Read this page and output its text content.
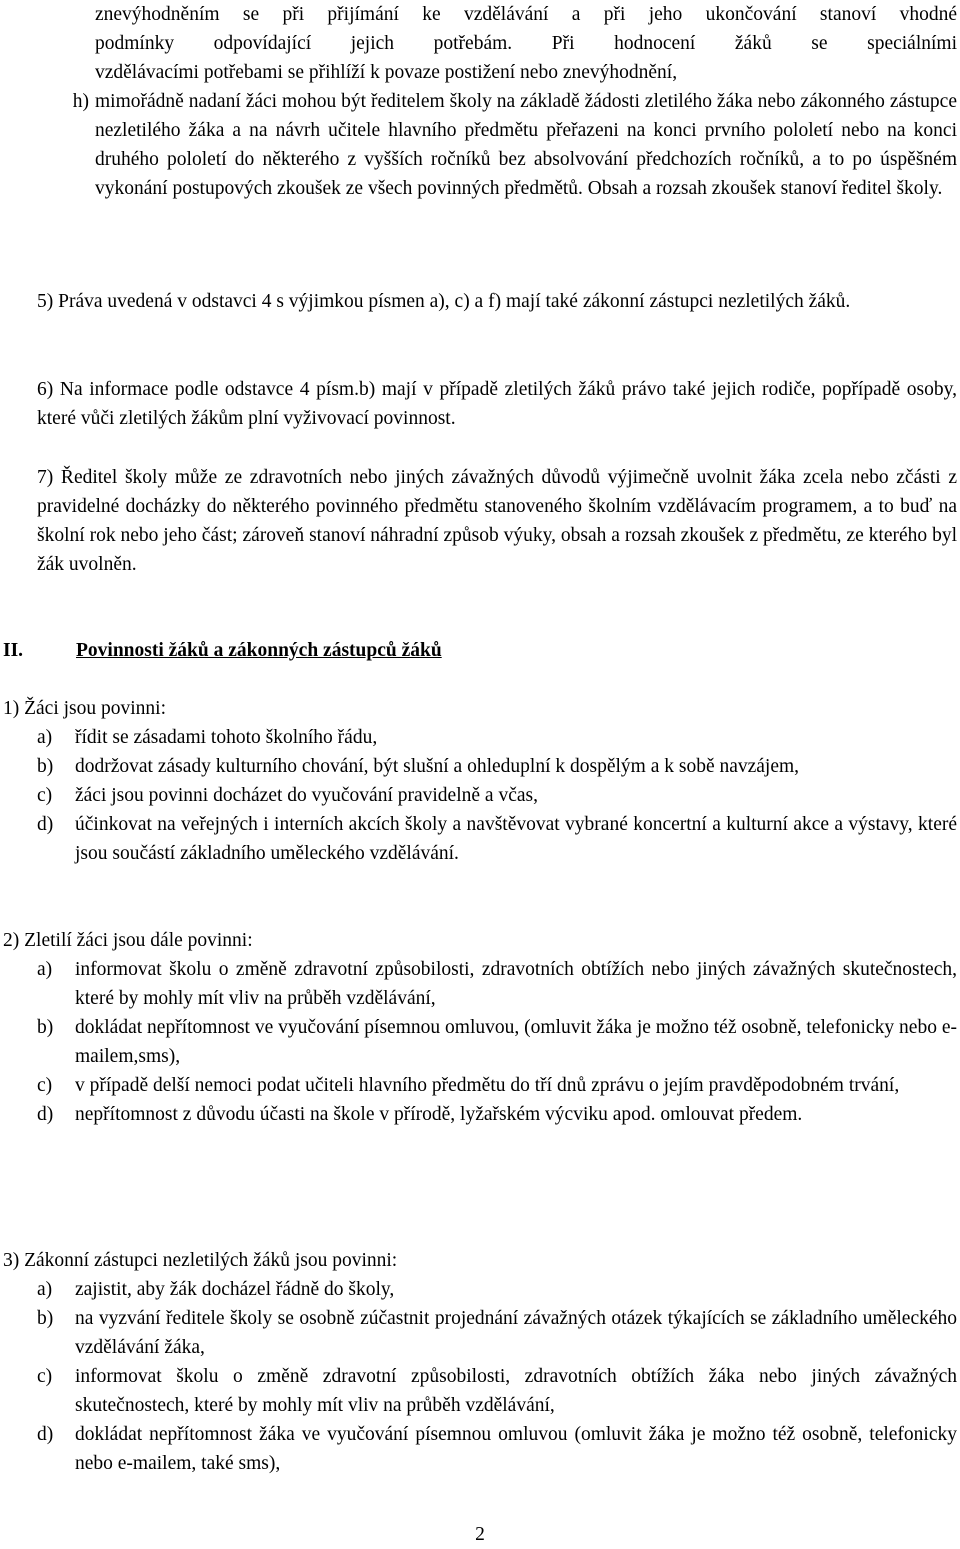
znevýhodněním se při přijímání ke vzdělávání a při jeho ukončování stanoví vhodné

podmínky odpovídající jejich potřebám. Při hodnocení žáků se speciálními

vzdělávacími potřebami se přihlíží k povaze postižení nebo znevýhodnění,

h) mimořádně nadaní žáci mohou být ředitelem školy na základě žádosti zletilého žáka nebo zákonného zástupce nezletilého žáka a na návrh učitele hlavního předmětu přeřazeni na konci prvního pololetí nebo na konci druhého pololetí do některého z vyšších ročníků bez absolvování předchozích ročníků, a to po úspěšném vykonání postupových zkoušek ze všech povinných předmětů. Obsah a rozsah zkoušek stanoví ředitel školy.

5) Práva uvedená v odstavci 4 s výjimkou písmen a), c) a f) mají také zákonní zástupci nezletilých žáků.

6) Na informace podle odstavce 4 písm.b) mají v případě zletilých žáků právo také jejich rodiče, popřípadě osoby, které vůči zletilých žákům plní vyživovací povinnost.

7) Ředitel školy může ze zdravotních nebo jiných závažných důvodů výjimečně uvolnit žáka zcela nebo zčásti z pravidelné docházky do některého povinného předmětu stanoveného školním vzdělávacím programem, a to buď na školní rok nebo jeho část; zároveň stanoví náhradní způsob výuky, obsah a rozsah zkoušek z předmětu, ze kterého byl žák uvolněn.

II.	Povinnosti žáků a zákonných zástupců žáků
1) Žáci jsou povinni:
a)	řídit se zásadami tohoto školního řádu,
b)	dodržovat zásady kulturního chování, být slušní a ohleduplní k dospělým a k sobě navzájem,
c)	žáci jsou povinni docházet do vyučování pravidelně a včas,
d)	účinkovat na veřejných i interních akcích školy a navštěvovat vybrané koncertní a kulturní akce a výstavy, které jsou součástí základního uměleckého vzdělávání.
2) Zletilí žáci jsou dále povinni:
a)	informovat školu o změně zdravotní způsobilosti, zdravotních obtížích nebo jiných závažných skutečnostech, které by mohly mít vliv na průběh vzdělávání,
b)	dokládat nepřítomnost ve vyučování písemnou omluvou, (omluvit žáka je možno též osobně, telefonicky nebo e-mailem,sms),
c)	v případě delší nemoci podat učiteli hlavního předmětu do tří dnů zprávu o jejím pravděpodobném trvání,
d)	nepřítomnost z důvodu účasti na škole v přírodě, lyžařském výcviku apod. omlouvat předem.
3) Zákonní zástupci nezletilých žáků jsou povinni:
a)	zajistit, aby žák docházel řádně do školy,
b)	na vyzvání ředitele školy se osobně zúčastnit projednání závažných otázek týkajících se základního uměleckého vzdělávání žáka,
c)	informovat školu o změně zdravotní způsobilosti, zdravotních obtížích žáka nebo jiných závažných skutečnostech, které by mohly mít vliv na průběh vzdělávání,
d)	dokládat nepřítomnost žáka ve vyučování písemnou omluvou (omluvit žáka je možno též osobně, telefonicky nebo e-mailem, také sms),
2
